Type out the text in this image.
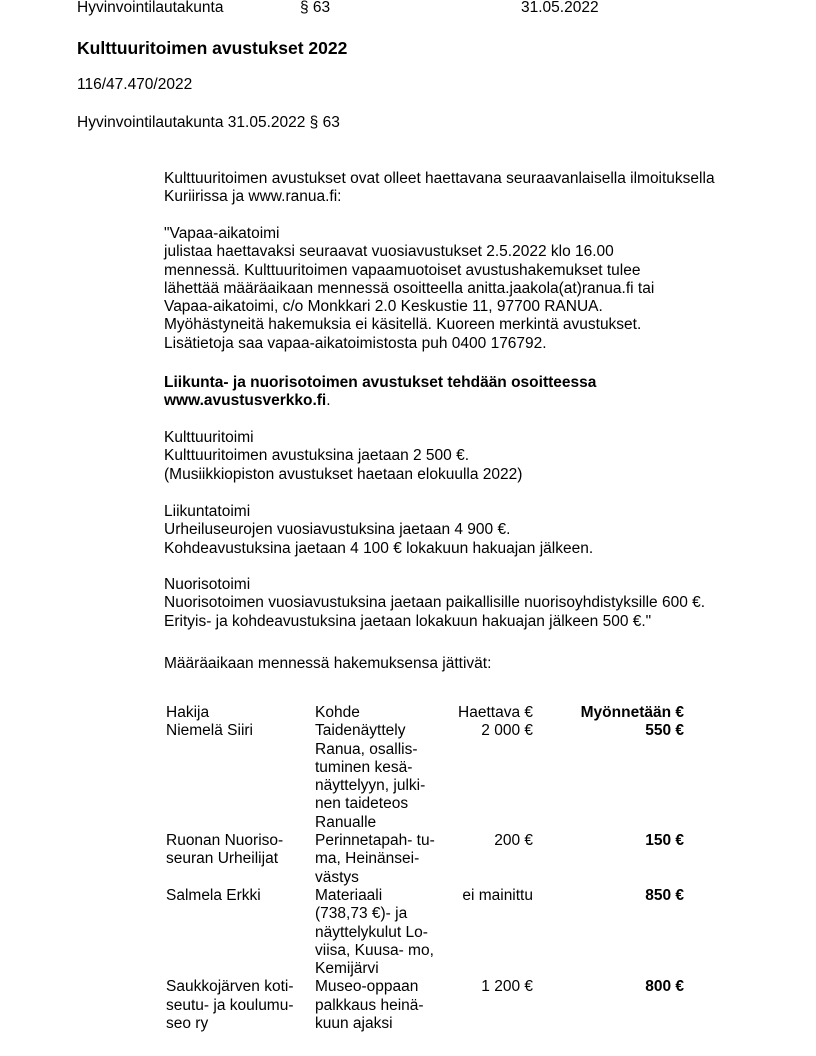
Hyvinvointilautakunta	§ 63	31.05.2022
Kulttuuritoimen avustukset 2022
116/47.470/2022
Hyvinvointilautakunta 31.05.2022 § 63
Kulttuuritoimen avustukset ovat olleet haettavana seuraavanlaisella ilmoituksella
Kuriirissa ja www.ranua.fi:
"Vapaa-aikatoimi
julistaa haettavaksi seuraavat vuosiavustukset 2.5.2022 klo 16.00
mennessä. Kulttuuritoimen vapaamuotoiset avustushakemukset tulee
lähettää määräaikaan mennessä osoitteella anitta.jaakola(at)ranua.fi tai
Vapaa-aikatoimi, c/o Monkkari 2.0 Keskustie 11, 97700 RANUA.
Myöhästyneitä hakemuksia ei käsitellä. Kuoreen merkintä avustukset.
Lisätietoja saa vapaa-aikatoimistosta puh 0400 176792.
Liikunta- ja nuorisotoimen avustukset tehdään osoitteessa
www.avustusverkko.fi.
Kulttuuritoimi
Kulttuuritoimen avustuksina jaetaan 2 500 €.
(Musiikkiopiston avustukset haetaan elokuulla 2022)
Liikuntatoimi
Urheiluseurojen vuosiavustuksina jaetaan 4 900 €.
Kohdeavustuksina jaetaan 4 100 € lokakuun hakuajan jälkeen.
Nuorisotoimi
Nuorisotoimen vuosiavustuksina jaetaan paikallisille nuorisoyhdistyksille 600 €.
Erityis- ja kohdeavustuksina jaetaan lokakuun hakuajan jälkeen 500 €."
Määräaikaan mennessä hakemuksensa jättivät:
Hakija	Kohde	Haettava €	Myönnetään €

Niemelä Siiri	Taidenäyttely
Ranua, osallis-
tuminen kesä-
näyttelyyn, julki-
nen taideteos
Ranualle
	2 000 €	550 €

Ruonan Nuoriso-
seuran Urheilijat	Perinnetapah- tu-
ma, Heinänsei-
västys	200 €	150 €

Salmela Erkki	Materiaali
(738,73 €)- ja
näyttelykulut Lo-
viisa, Kuusa- mo,
Kemijärvi	ei mainittu	850 €

Saukkojärven koti-
seutu- ja koulumu-
seo ry	Museo-oppaan
palkkaus heinä-
kuun ajaksi	1 200 €	800 €
